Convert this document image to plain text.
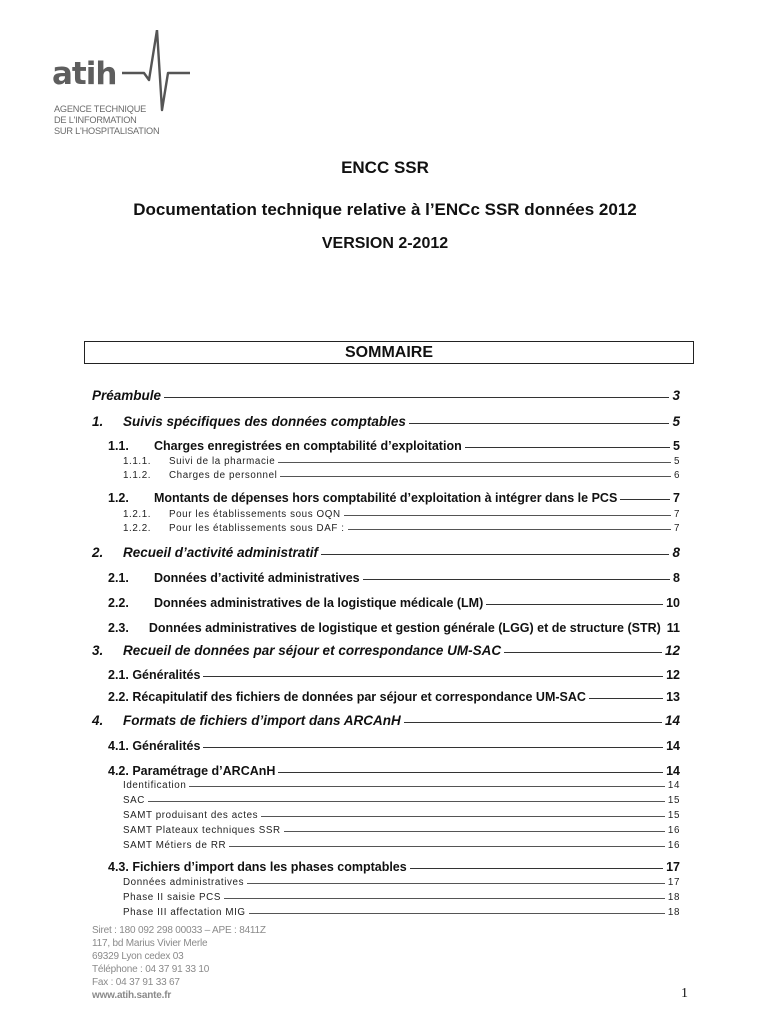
atih
AGENCE TECHNIQUE
DE L'INFORMATION
SUR L'HOSPITALISATION
ENCC SSR
Documentation technique relative à l’ENCc SSR données 2012
VERSION 2-2012
SOMMAIRE
Préambule	3
1.	Suivis spécifiques des données comptables	5
1.1.	Charges enregistrées en comptabilité d’exploitation	5
1.1.1.	Suivi de la pharmacie	5
1.1.2.	Charges de personnel	6
1.2.	Montants de dépenses hors comptabilité d’exploitation à intégrer dans le PCS	7
1.2.1.	Pour les établissements sous OQN	7
1.2.2.	Pour les établissements sous DAF :	7
2.	Recueil d’activité administratif	8
2.1.	Données d’activité administratives	8
2.2.	Données administratives de la logistique médicale (LM)	10
2.3.	Données administratives de logistique et gestion générale (LGG) et de structure (STR) 11
3.	Recueil de données par séjour et correspondance UM-SAC	12
2.1. Généralités	12
2.2. Récapitulatif des fichiers de données par séjour et correspondance UM-SAC	13
4.	Formats de fichiers d’import dans ARCAnH	14
4.1. Généralités	14
4.2. Paramétrage d’ARCAnH	14
Identification	14
SAC	15
SAMT produisant des actes	15
SAMT Plateaux techniques SSR	16
SAMT Métiers de RR	16
4.3. Fichiers d’import dans les phases comptables	17
Données administratives	17
Phase II saisie PCS	18
Phase III affectation MIG	18
Siret : 180 092 298 00033 – APE : 8411Z
117, bd Marius Vivier Merle
69329 Lyon cedex 03
Téléphone : 04 37 91 33 10
Fax : 04 37 91 33 67
www.atih.sante.fr	1
